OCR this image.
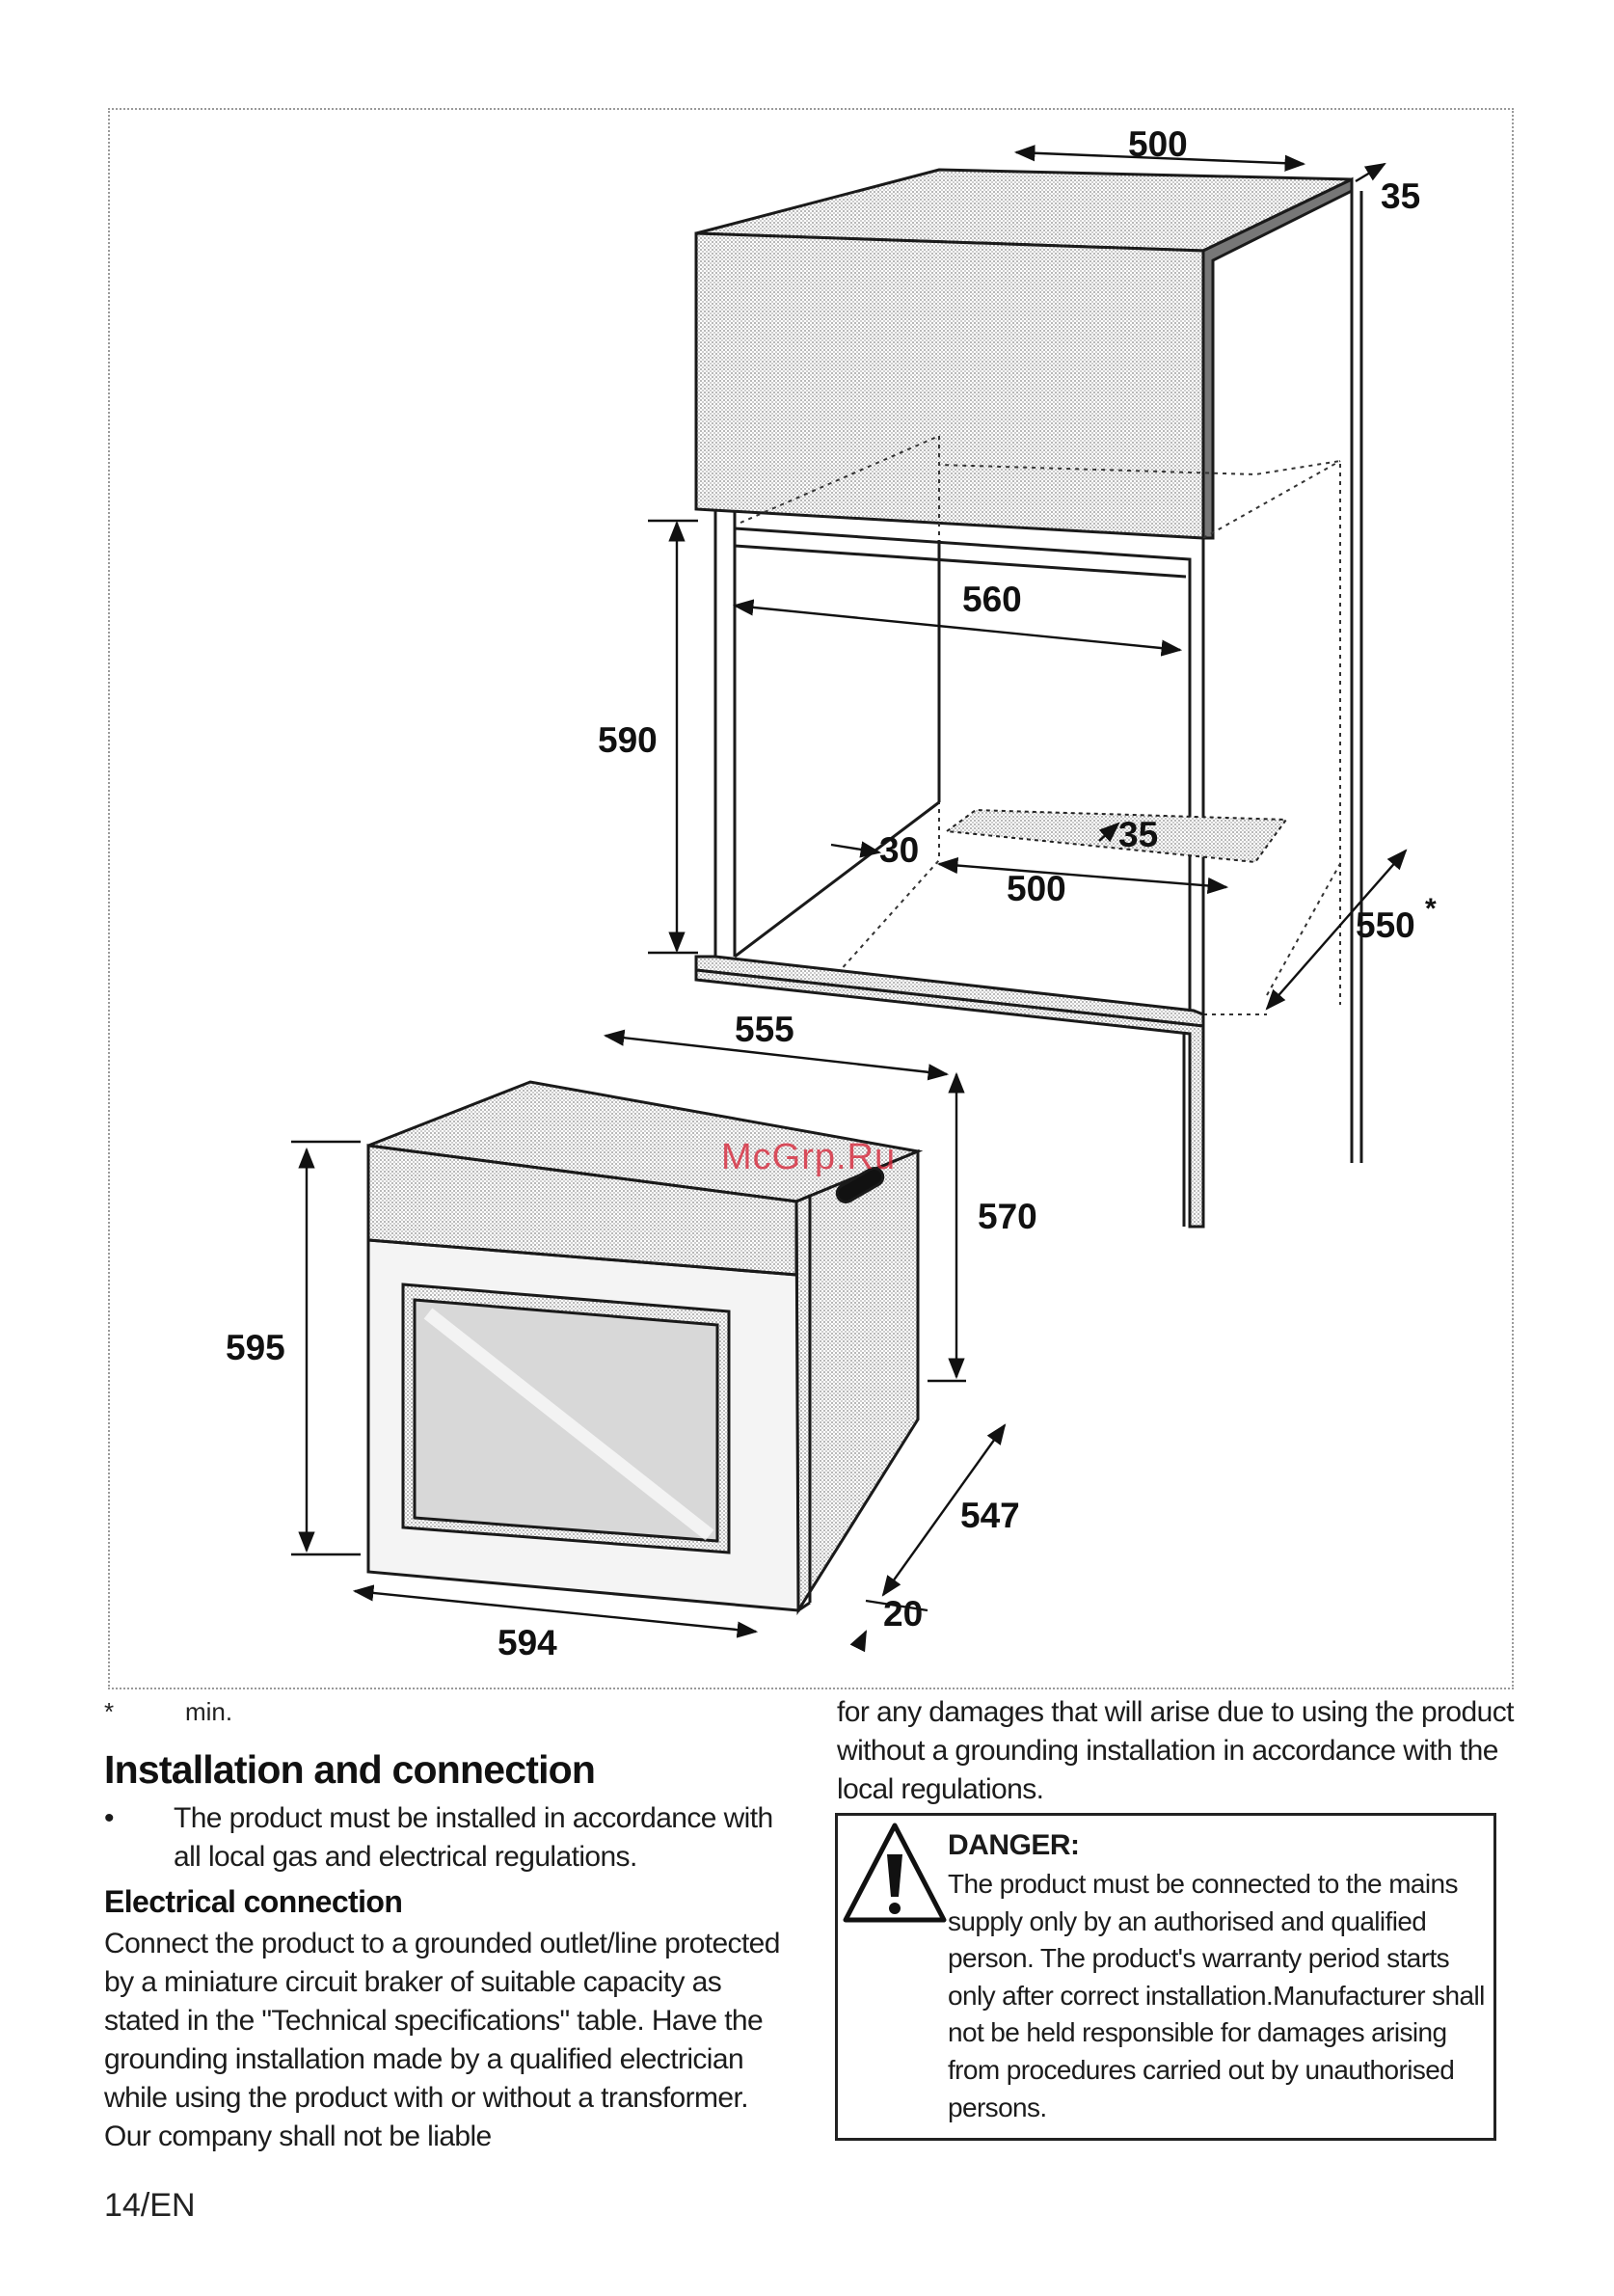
500
35
560
590
35
30
500
550 *
555
570
595
547
20
594
McGrp.Ru
*	min.
Installation and connection
• The product must be installed in accordance with all local gas and electrical regulations.
Electrical connection
Connect the product to a grounded outlet/line protected by a miniature circuit braker of suitable capacity as stated in the "Technical specifications" table. Have the grounding installation made by a qualified electrician while using the product with or without a transformer. Our company shall not be liable
for any damages that will arise due to using the product without a grounding installation in accordance with the local regulations.
DANGER:
The product must be connected to the mains supply only by an authorised and qualified person. The product's warranty period starts only after correct installation.Manufacturer shall not be held responsible for damages arising from procedures carried out by unauthorised persons.
14/EN
